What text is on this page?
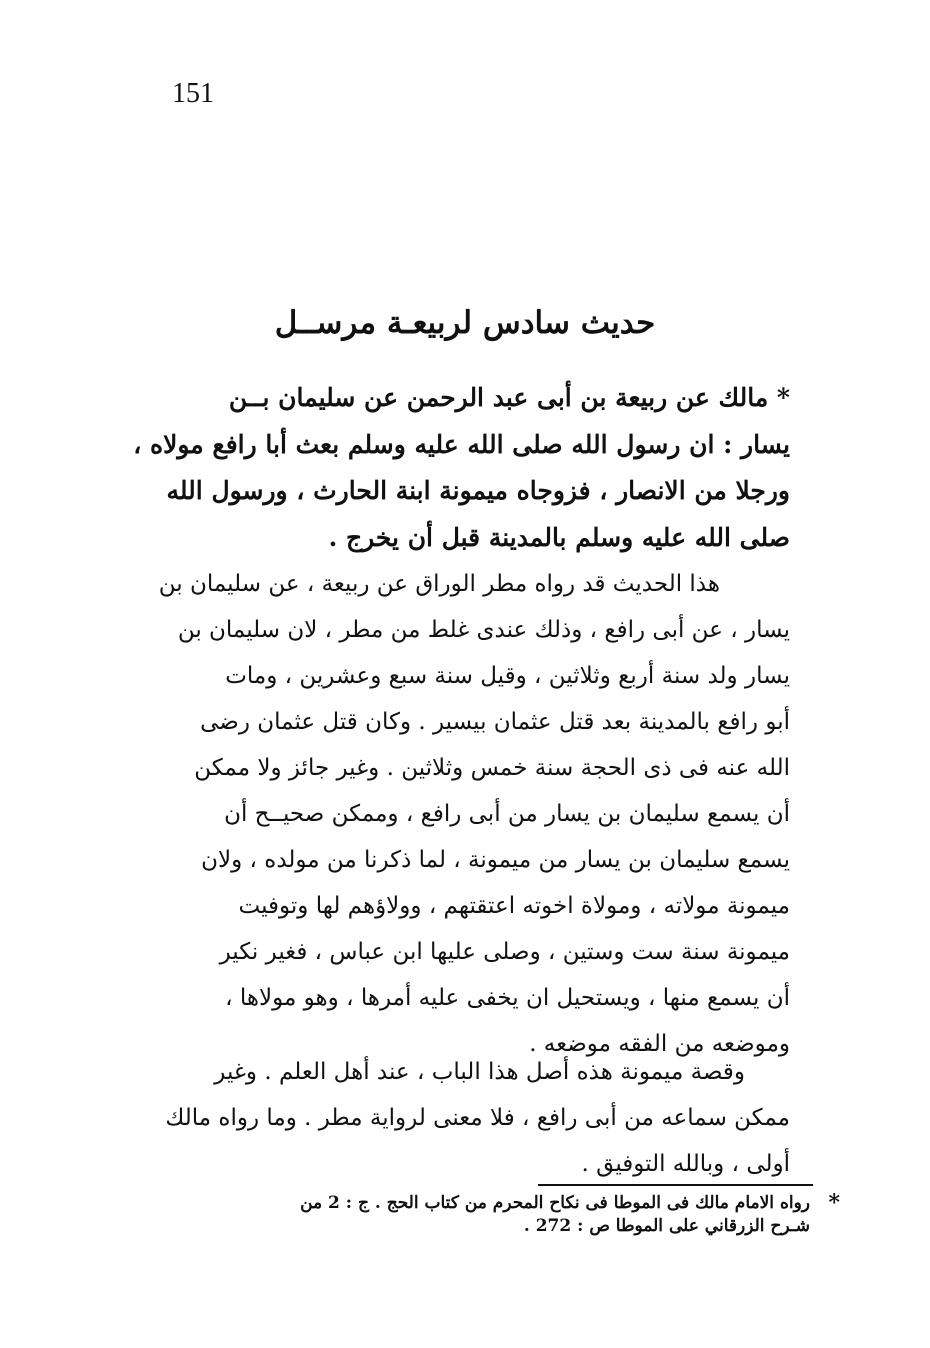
151
حديث سادس لربيعـة مرســل
* مالك عن ربيعة بن أبى عبد الرحمن عن سليمان بــن
يسار : ان رسول الله صلى الله عليه وسلم بعث أبا رافع مولاه ،
ورجلا من الانصار ، فزوجاه ميمونة ابنة الحارث ، ورسول الله
صلى الله عليه وسلم بالمدينة قبل أن يخرج .
هذا الحديث قد رواه مطر الوراق عن ربيعة ، عن سليمان بن
يسار ، عن أبى رافع ، وذلك عندى غلط من مطر ، لان سليمان بن
يسار ولد سنة أربع وثلاثين ، وقيل سنة سبع وعشرين ، ومات
أبو رافع بالمدينة بعد قتل عثمان بيسير . وكان قتل عثمان رضى
الله عنه فى ذى الحجة سنة خمس وثلاثين . وغير جائز ولا ممكن
أن يسمع سليمان بن يسار من أبى رافع ، وممكن صحيــح أن
يسمع سليمان بن يسار من ميمونة ، لما ذكرنا من مولده ، ولان
ميمونة مولاته ، ومولاة اخوته اعتقتهم ، وولاؤهم لها وتوفيت
ميمونة سنة ست وستين ، وصلى عليها ابن عباس ، فغير نكير
أن يسمع منها ، ويستحيل ان يخفى عليه أمرها ، وهو مولاها ،
وموضعه من الفقه موضعه .
وقصة ميمونة هذه أصل هذا الباب ، عند أهل العلم . وغير
ممكن سماعه من أبى رافع ، فلا معنى لرواية مطر . وما رواه مالك
أولى ، وبالله التوفيق .
*
رواه الامام مالك فى الموطا فى نكاح المحرم من كتاب الحج . ج : 2 من
شـرح الزرقاني على الموطا ص : 272 .
